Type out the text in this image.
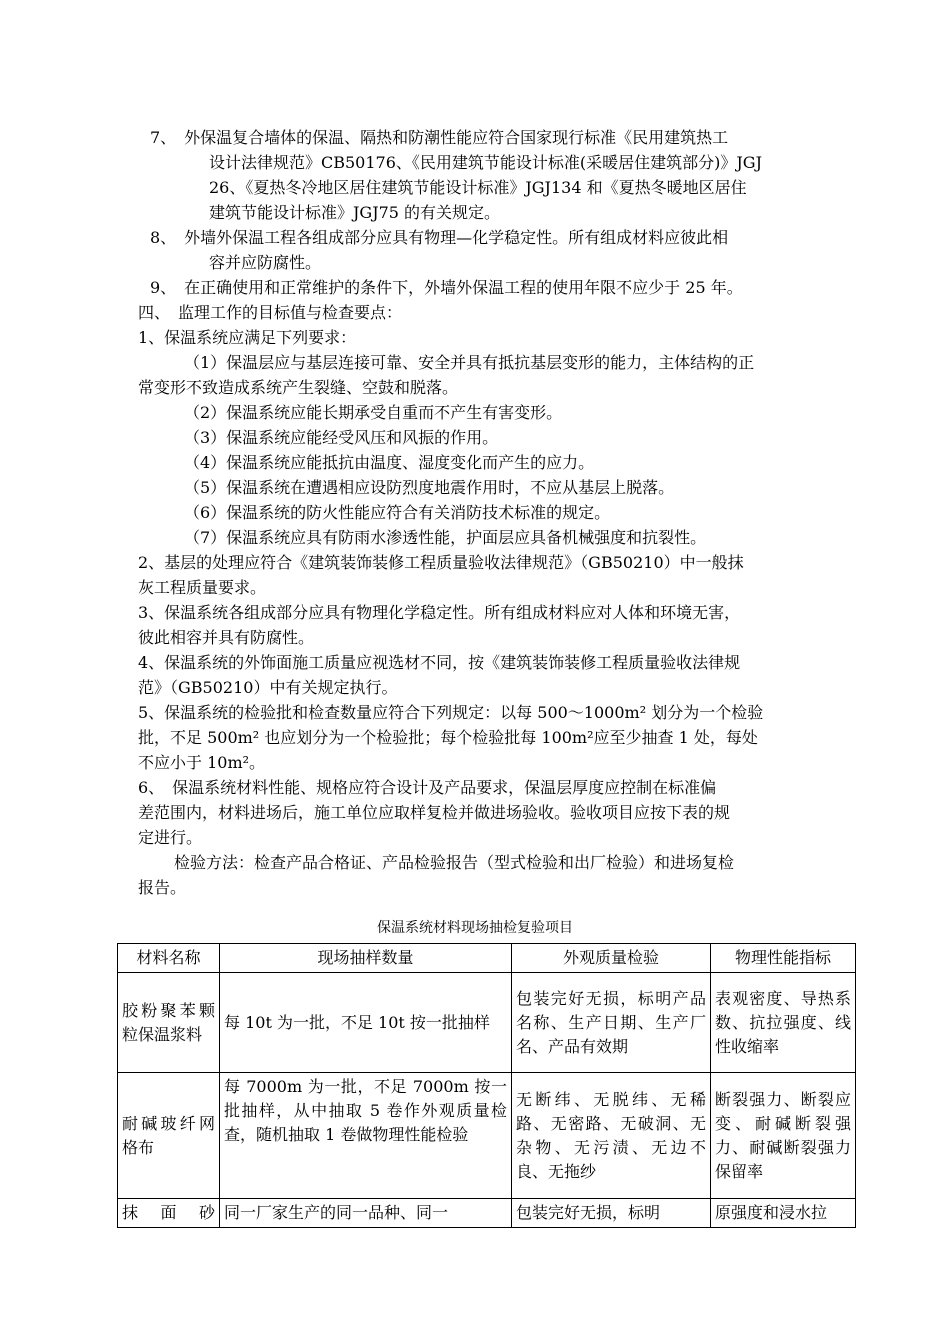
7、　外保温复合墙体的保温、隔热和防潮性能应符合国家现行标准《民用建筑热工
设计法律规范》CB50176、《民用建筑节能设计标准(采暖居住建筑部分)》JGJ
26、《夏热冬冷地区居住建筑节能设计标准》JGJ134 和《夏热冬暖地区居住
建筑节能设计标准》JGJ75 的有关规定。
8、　外墙外保温工程各组成部分应具有物理—化学稳定性。所有组成材料应彼此相
容并应防腐性。
9、　在正确使用和正常维护的条件下，外墙外保温工程的使用年限不应少于 25 年。
四、　监理工作的目标值与检查要点：
1、保温系统应满足下列要求：
（1）保温层应与基层连接可靠、安全并具有抵抗基层变形的能力，主体结构的正
常变形不致造成系统产生裂缝、空鼓和脱落。
（2）保温系统应能长期承受自重而不产生有害变形。
（3）保温系统应能经受风压和风振的作用。
（4）保温系统应能抵抗由温度、湿度变化而产生的应力。
（5）保温系统在遭遇相应设防烈度地震作用时，不应从基层上脱落。
（6）保温系统的防火性能应符合有关消防技术标准的规定。
（7）保温系统应具有防雨水渗透性能，护面层应具备机械强度和抗裂性。
2、基层的处理应符合《建筑装饰装修工程质量验收法律规范》（GB50210）中一般抹
灰工程质量要求。
3、保温系统各组成部分应具有物理化学稳定性。所有组成材料应对人体和环境无害，
彼此相容并具有防腐性。
4、保温系统的外饰面施工质量应视选材不同，按《建筑装饰装修工程质量验收法律规
范》（GB50210）中有关规定执行。
5、保温系统的检验批和检查数量应符合下列规定：以每 500～1000m² 划分为一个检验
批，不足 500m² 也应划分为一个检验批；每个检验批每 100m²应至少抽查 1 处，每处
不应小于 10m²。
6、　保温系统材料性能、规格应符合设计及产品要求，保温层厚度应控制在标准偏
差范围内，材料进场后，施工单位应取样复检并做进场验收。验收项目应按下表的规
定进行。
检验方法：检查产品合格证、产品检验报告（型式检验和出厂检验）和进场复检
报告。
保温系统材料现场抽检复验项目
材料名称	现场抽样数量	外观质量检验	物理性能指标
胶粉聚苯颗粒保温浆料	每 10t 为一批，不足 10t 按一批抽样	包装完好无损，标明产品名称、生产日期、生产厂名、产品有效期	表观密度、导热系数、抗拉强度、线性收缩率
耐碱玻纤网格布	每 7000m 为一批，不足 7000m 按一批抽样，从中抽取 5 卷作外观质量检查，随机抽取 1 卷做物理性能检验	无断纬、无脱纬、无稀路、无密路、无破洞、无杂物、无污渍、无边不良、无拖纱	断裂强力、断裂应变、耐碱断裂强力、耐碱断裂强力保留率
抹面砂	同一厂家生产的同一品种、同一	包装完好无损，标明	原强度和浸水拉
